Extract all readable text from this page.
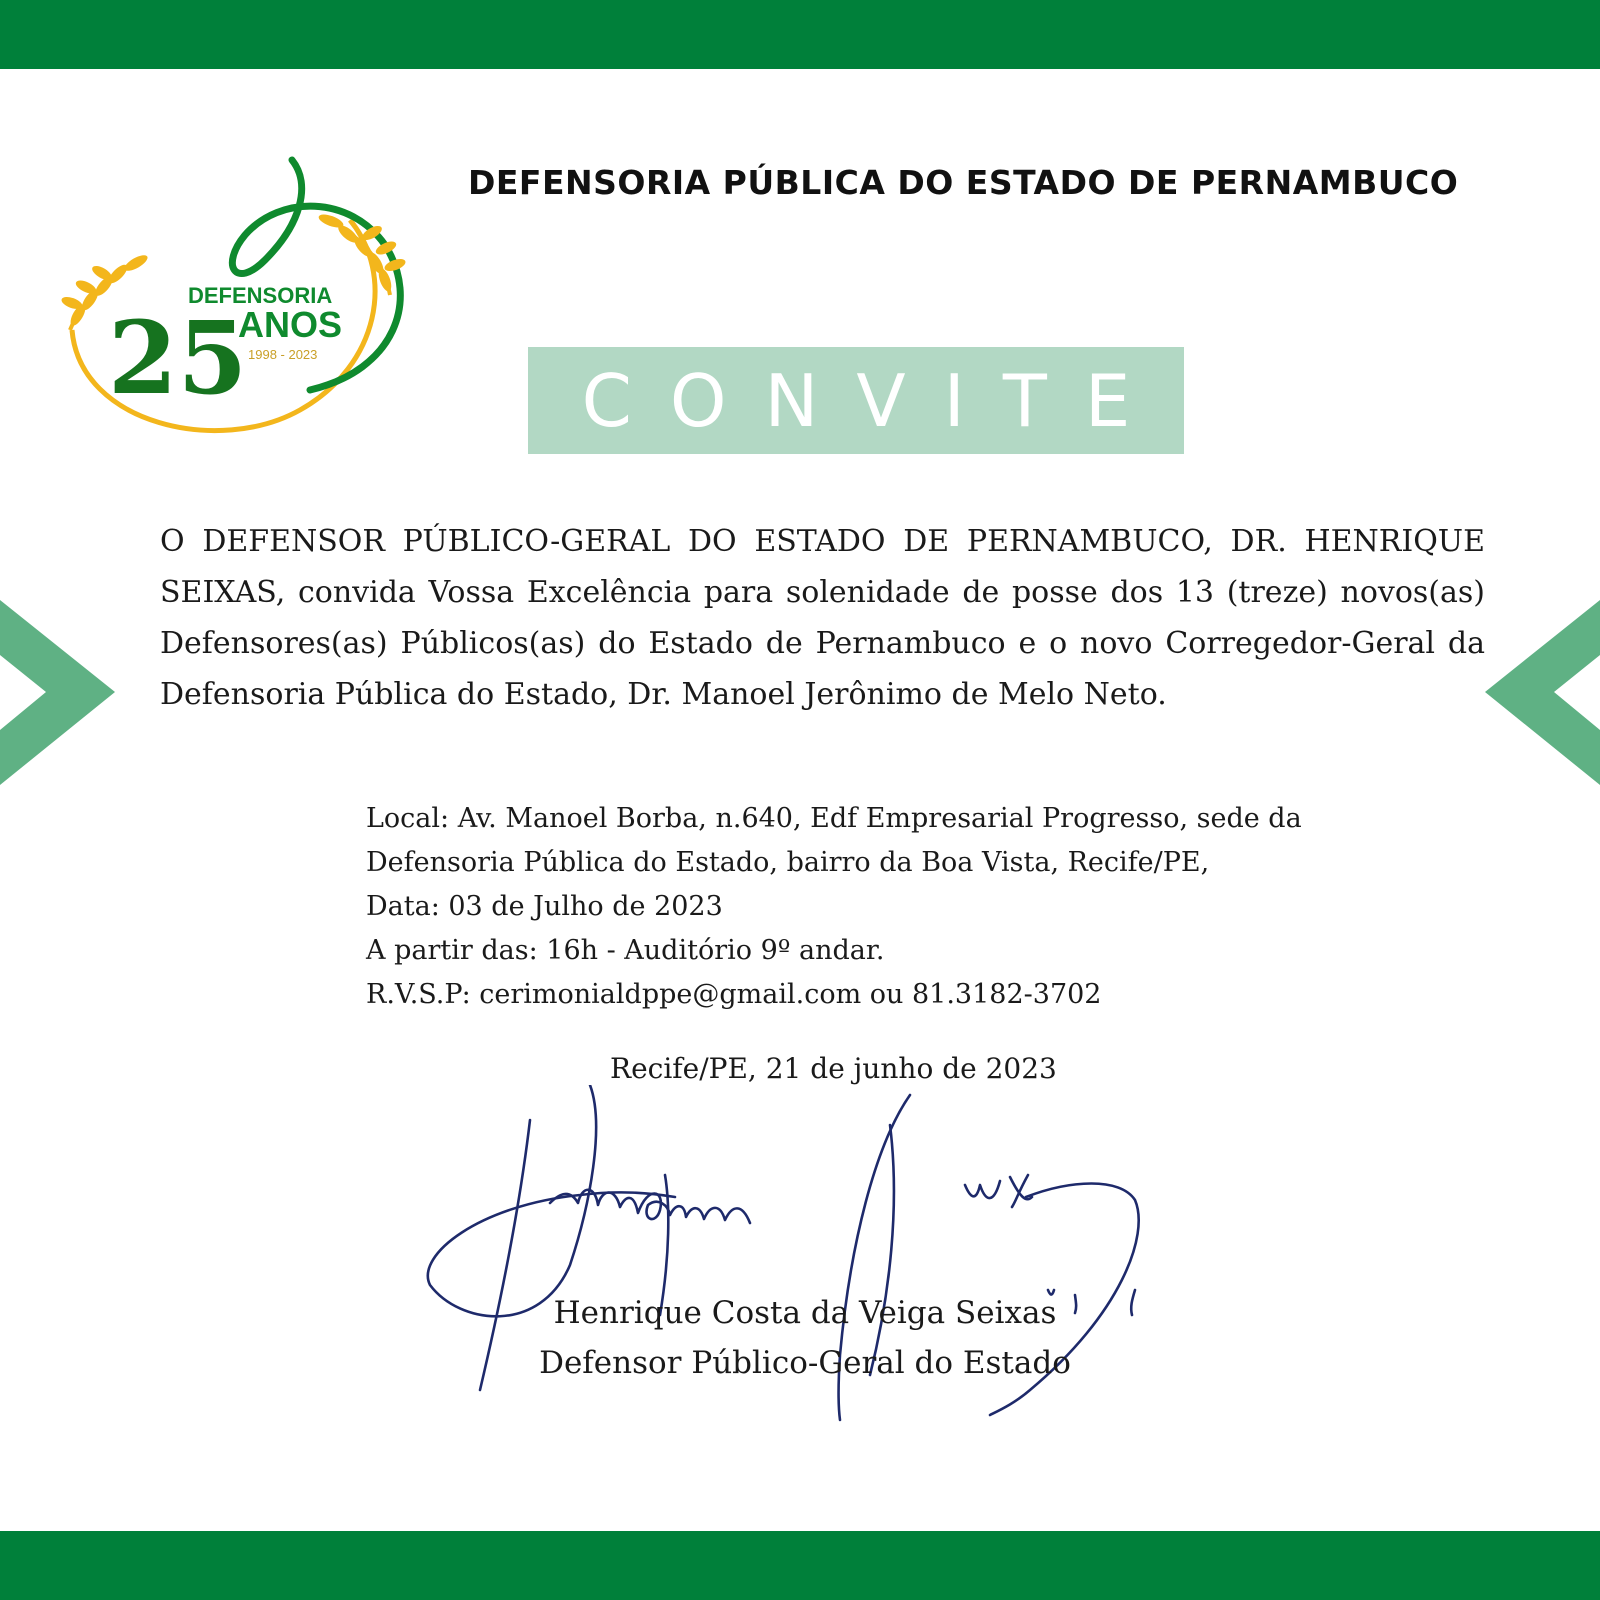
DEFENSORIA
25
ANOS
1998 - 2023
DEFENSORIA PÚBLICA DO ESTADO DE PERNAMBUCO
CONVITE

O DEFENSOR PÚBLICO-GERAL DO ESTADO DE PERNAMBUCO, DR. HENRIQUE SEIXAS, convida Vossa Excelência para solenidade de posse dos 13 (treze) novos(as) Defensores(as) Públicos(as) do Estado de Pernambuco e o novo Corregedor-Geral da Defensoria Pública do Estado, Dr. Manoel Jerônimo de Melo Neto.

Local: Av. Manoel Borba, n.640, Edf Empresarial Progresso, sede da
Defensoria Pública do Estado, bairro da Boa Vista, Recife/PE,
Data: 03 de Julho de 2023
A partir das: 16h - Auditório 9º andar.
R.V.S.P: cerimonialdppe@gmail.com ou 81.3182-3702
Recife/PE, 21 de junho de 2023
Henrique Costa da Veiga Seixas
Defensor Público-Geral do Estado
